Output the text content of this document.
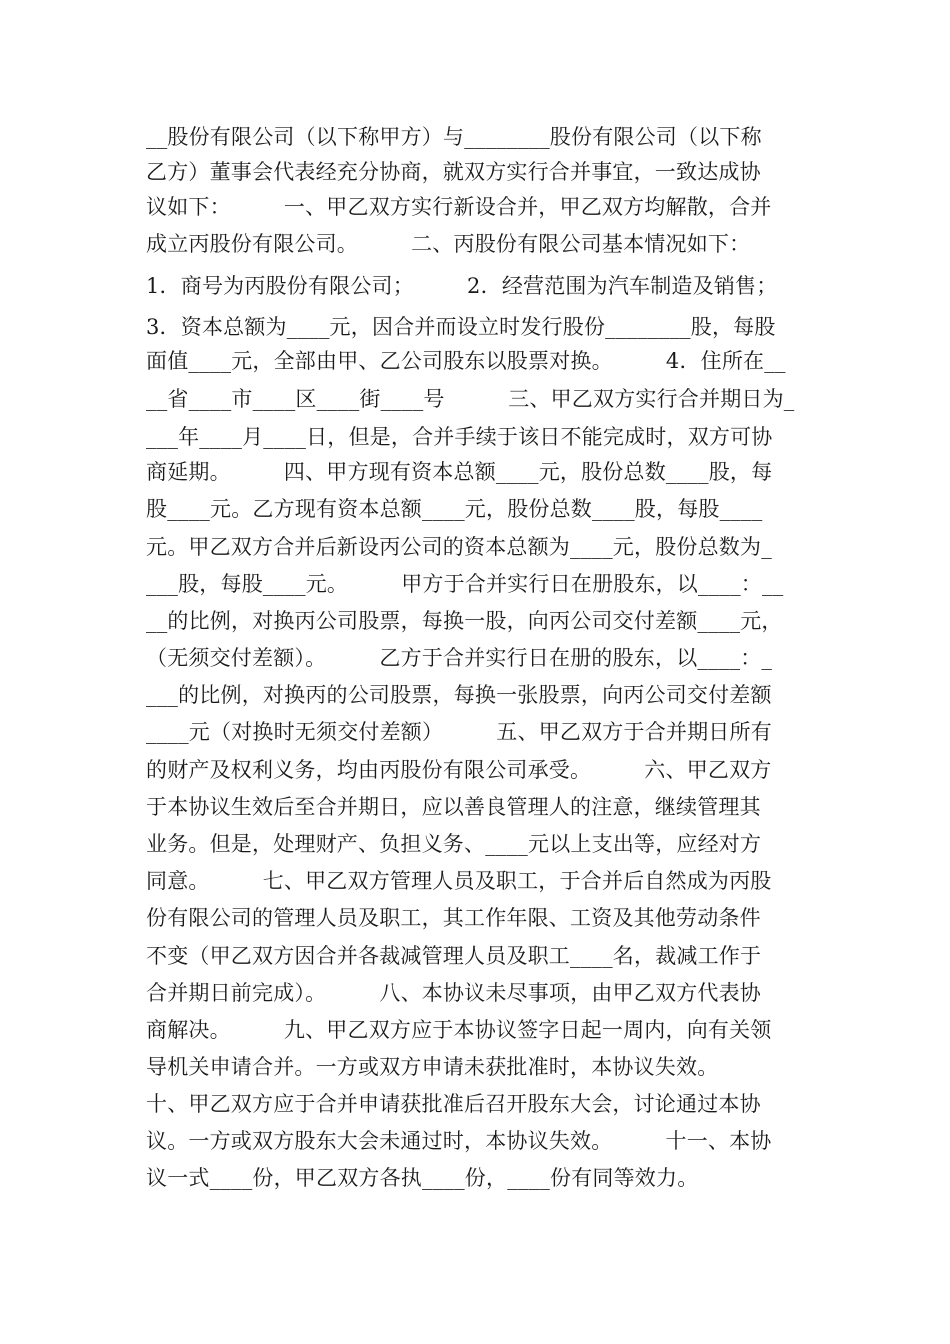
__股份有限公司（以下称甲方）与________股份有限公司（以下称
乙方）董事会代表经充分协商，就双方实行合并事宜，一致达成协
议如下：　　　一、甲乙双方实行新设合并，甲乙双方均解散，合并
成立丙股份有限公司。　　　二、丙股份有限公司基本情况如下：
1．商号为丙股份有限公司；　　　2．经营范围为汽车制造及销售；
3．资本总额为____元，因合并而设立时发行股份________股，每股
面值____元，全部由甲、乙公司股东以股票对换。　　　4．住所在__
__省____市____区____街____号　　　三、甲乙双方实行合并期日为_
___年____月____日，但是，合并手续于该日不能完成时，双方可协
商延期。　　　四、甲方现有资本总额____元，股份总数____股，每
股____元。乙方现有资本总额____元，股份总数____股，每股____
元。甲乙双方合并后新设丙公司的资本总额为____元，股份总数为_
___股，每股____元。　　　甲方于合并实行日在册股东，以____：__
__的比例，对换丙公司股票，每换一股，向丙公司交付差额____元，
（无须交付差额）。　　　乙方于合并实行日在册的股东，以____：_
___的比例，对换丙的公司股票，每换一张股票，向丙公司交付差额
____元（对换时无须交付差额）　　　五、甲乙双方于合并期日所有
的财产及权利义务，均由丙股份有限公司承受。　　　六、甲乙双方
于本协议生效后至合并期日，应以善良管理人的注意，继续管理其
业务。但是，处理财产、负担义务、____元以上支出等，应经对方
同意。　　　七、甲乙双方管理人员及职工，于合并后自然成为丙股
份有限公司的管理人员及职工，其工作年限、工资及其他劳动条件
不变（甲乙双方因合并各裁减管理人员及职工____名，裁减工作于
合并期日前完成）。　　　八、本协议未尽事项，由甲乙双方代表协
商解决。　　　九、甲乙双方应于本协议签字日起一周内，向有关领
导机关申请合并。一方或双方申请未获批准时，本协议失效。
十、甲乙双方应于合并申请获批准后召开股东大会，讨论通过本协
议。一方或双方股东大会未通过时，本协议失效。　　　十一、本协
议一式____份，甲乙双方各执____份，____份有同等效力。
